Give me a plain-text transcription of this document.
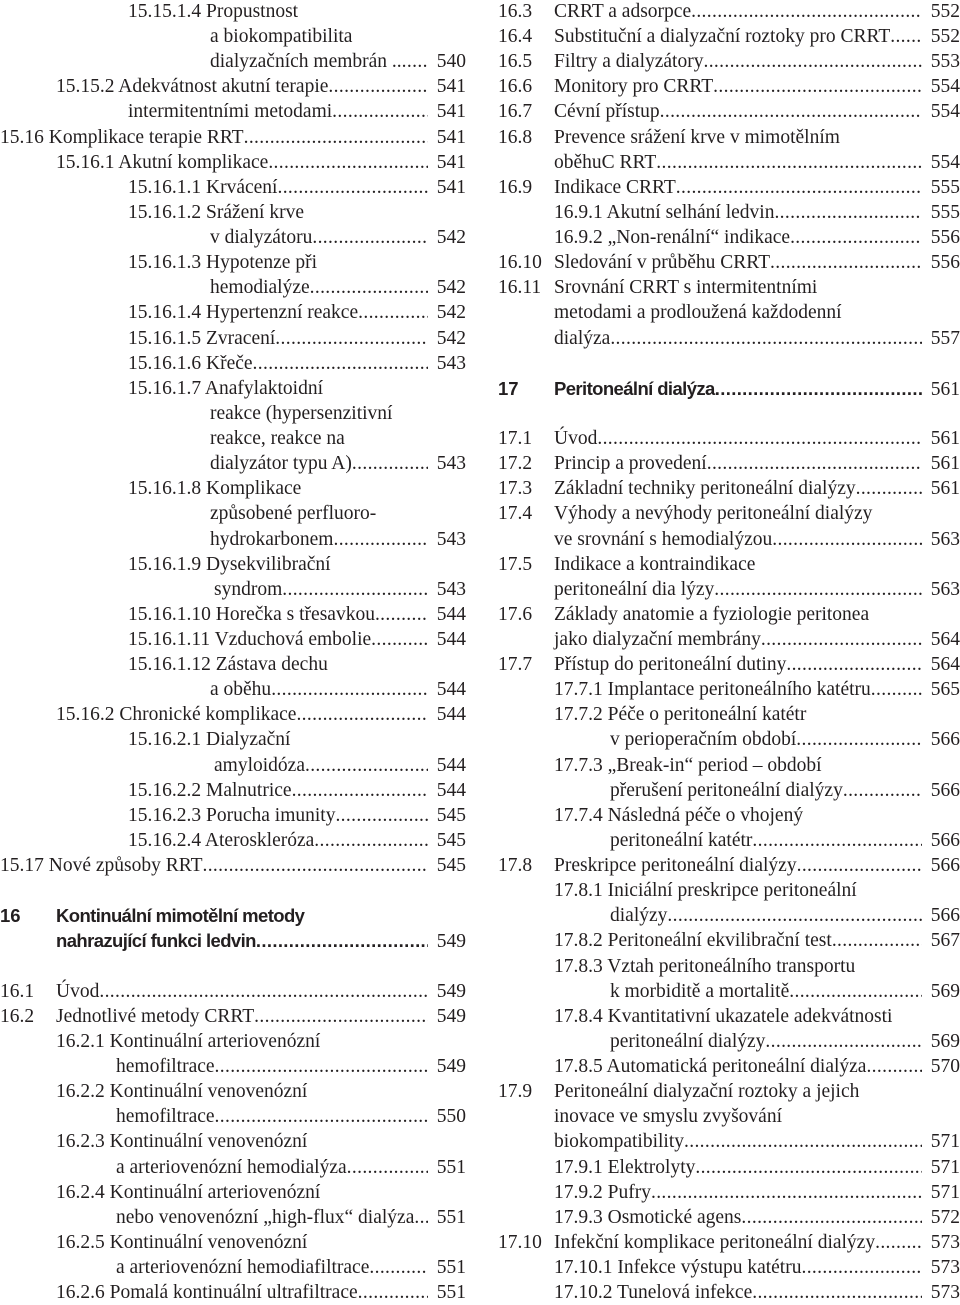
15.15.1.4 Propustnost
a biokompatibilita
dialyzačních membrán .. .....	540
15.15.2 Adekvátnost akutní terapie .....	541
intermitentními metodami .....	541
15.16 Komplikace terapie RRT .....	541
15.16.1 Akutní komplikace .....	541
15.16.1.1 Krvácení .....	541
15.16.1.2 Srážení krve
v dialyzátoru .....	542
15.16.1.3 Hypotenze při
hemodialýze .....	542
15.16.1.4 Hypertenzní reakce .....	542
15.16.1.5 Zvracení .....	542
15.16.1.6 Křeče .....	543
15.16.1.7 Anafylaktoidní
reakce (hypersenzitivní
reakce, reakce na
dialyzátor typu A) .....	543
15.16.1.8 Komplikace
způsobené perfluoro-
hydrokarbonem .....	543
15.16.1.9 Dysekvilibrační
syndrom .....	543
15.16.1.10 Horečka s třesavkou .....	544
15.16.1.11 Vzduchová embolie .....	544
15.16.1.12 Zástava dechu
a oběhu .....	544
15.16.2 Chronické komplikace .....	544
15.16.2.1 Dialyzační
amyloidóza .....	544
15.16.2.2 Malnutrice .....	544
15.16.2.3 Porucha imunity .....	545
15.16.2.4 Ateroskleróza .....	545
15.17 Nové způsoby RRT .....	545
16	Kontinuální mimotělní metody
nahrazující funkci ledvin .....	549
16.1	Úvod .....	549
16.2	Jednotlivé metody CRRT .....	549
16.2.1 Kontinuální arteriovenózní
hemofiltrace .....	549
16.2.2 Kontinuální venovenózní
hemofiltrace .....	550
16.2.3 Kontinuální venovenózní
a arteriovenózní hemodialýza .....	551
16.2.4 Kontinuální arteriovenózní
nebo venovenózní „high-flux“ dialýza .....	551
16.2.5 Kontinuální venovenózní
a arteriovenózní hemodiafiltrace .....	551
16.2.6 Pomalá kontinuální ultrafiltrace .....	551
16.3	CRRT a adsorpce .....	552
16.4	Substituční a dialyzační roztoky pro CRRT .....	552
16.5	Filtry a dialyzátory .....	553
16.6	Monitory pro CRRT .....	554
16.7	Cévní přístup .....	554
16.8	Prevence srážení krve v mimotělním
oběhuC RRT .....	554
16.9	Indikace CRRT .....	555
16.9.1 Akutní selhání ledvin .....	555
16.9.2 „Non-renální“ indikace .....	556
16.10 Sledování v průběhu CRRT .....	556
16.11 Srovnání CRRT s intermitentními
metodami a prodloužená každodenní
dialýza .....	557
17	Peritoneální dialýza .....	561
17.1	Úvod .....	561
17.2	Princip a provedení .....	561
17.3	Základní techniky peritoneální dialýzy .....	561
17.4	Výhody a nevýhody peritoneální dialýzy
ve srovnání s hemodialýzou .....	563
17.5	Indikace a kontraindikace
peritoneální dia lýzy .....	563
17.6	Základy anatomie a fyziologie peritonea
jako dialyzační membrány .....	564
17.7	Přístup do peritoneální dutiny .....	564
17.7.1 Implantace peritoneálního katétru .....	565
17.7.2 Péče o peritoneální katétr
v perioperačním období .....	566
17.7.3 „Break-in“ period – období
přerušení peritoneální dialýzy .....	566
17.7.4 Následná péče o vhojený
peritoneální katétr .....	566
17.8	Preskripce peritoneální dialýzy .....	566
17.8.1 Iniciální preskripce peritoneální
dialýzy .....	566
17.8.2 Peritoneální ekvilibrační test .....	567
17.8.3 Vztah peritoneálního transportu
k morbiditě a mortalitě .....	569
17.8.4 Kvantitativní ukazatele adekvátnosti
peritoneální dialýzy .....	569
17.8.5 Automatická peritoneální dialýza .....	570
17.9	Peritoneální dialyzační roztoky a jejich
inovace ve smyslu zvyšování
biokompatibility .....	571
17.9.1 Elektrolyty .....	571
17.9.2 Pufry .....	571
17.9.3 Osmotické agens .....	572
17.10 Infekční komplikace peritoneální dialýzy .....	573
17.10.1 Infekce výstupu katétru .....	573
17.10.2 Tunelová infekce .....	573
